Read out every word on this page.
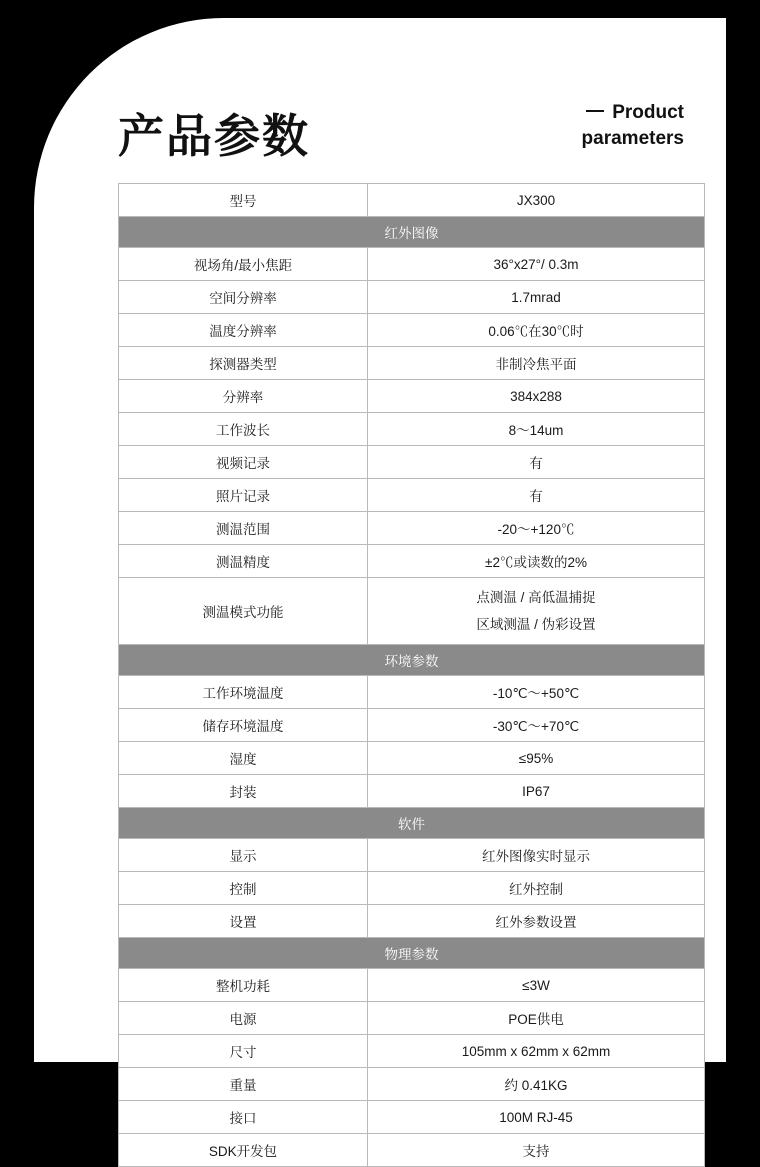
产品参数	Product
parameters
型号	JX300
红外图像	
视场角/最小焦距	36°x27°/ 0.3m
空间分辨率	1.7mrad
温度分辨率	0.06℃在30℃时
探测器类型	非制冷焦平面
分辨率	384x288
工作波长	8～14um
视频记录	有
照片记录	有
测温范围	-20～+120℃
测温精度	±2℃或读数的2%
测温模式功能	点测温 / 高低温捕捉
区域测温 / 伪彩设置

环境参数	
工作环境温度	-10℃～+50℃
储存环境温度	-30℃～+70℃
湿度	≤95%
封装	IP67
软件	
显示	红外图像实时显示
控制	红外控制
设置	红外参数设置
物理参数	
整机功耗	≤3W
电源	POE供电
尺寸	105mm x 62mm x 62mm
重量	约 0.41KG
接口	100M RJ-45
SDK开发包	支持
